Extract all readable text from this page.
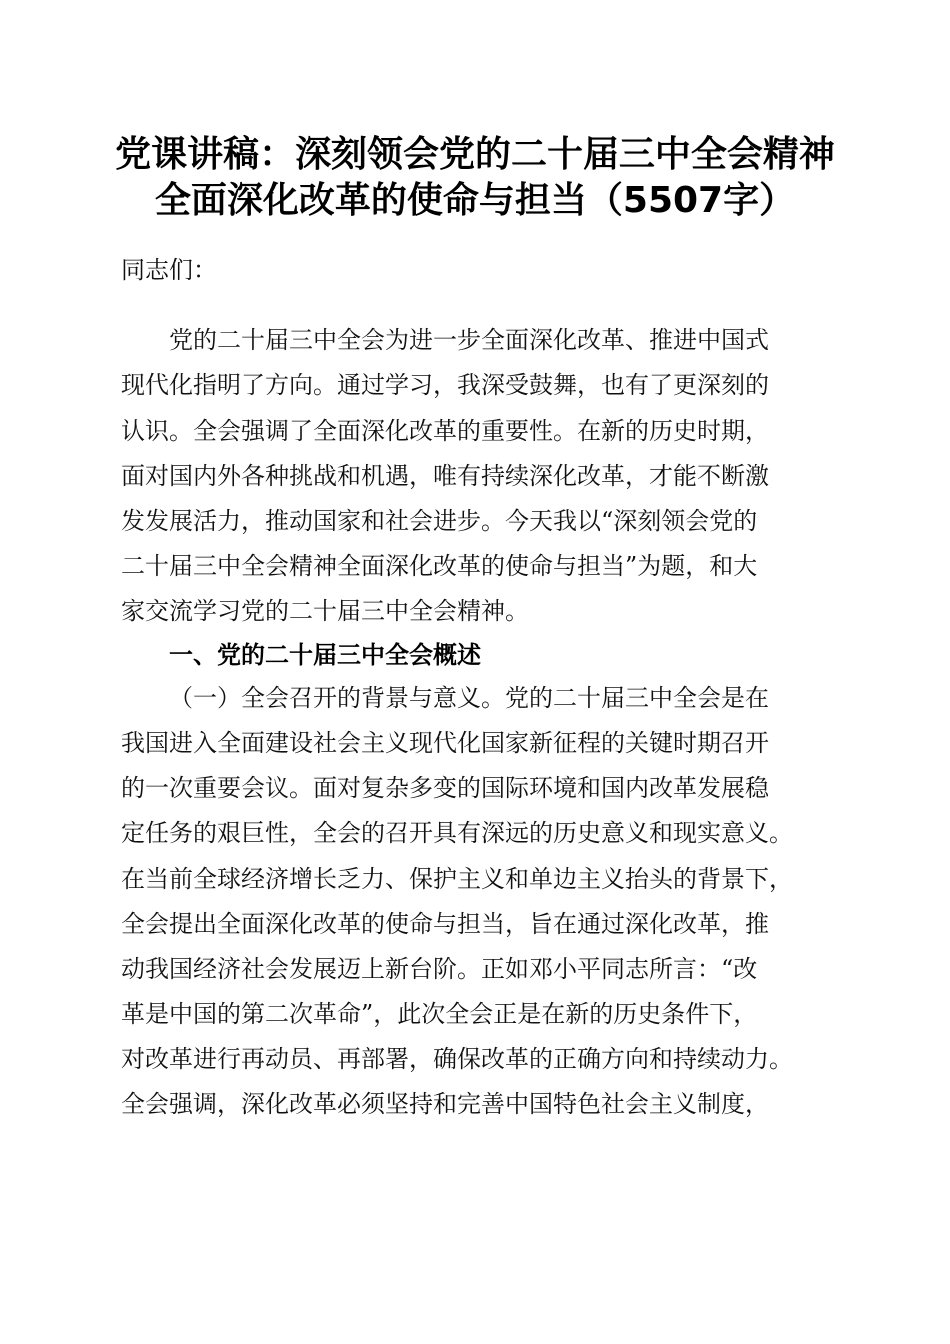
党课讲稿：深刻领会党的二十届三中全会精神
全面深化改革的使命与担当（5507字）
同志们：
党的二十届三中全会为进一步全面深化改革、推进中国式
现代化指明了方向。通过学习，我深受鼓舞，也有了更深刻的
认识。全会强调了全面深化改革的重要性。在新的历史时期，
面对国内外各种挑战和机遇，唯有持续深化改革，才能不断激
发发展活力，推动国家和社会进步。今天我以“深刻领会党的
二十届三中全会精神全面深化改革的使命与担当”为题，和大
家交流学习党的二十届三中全会精神。
一、党的二十届三中全会概述
（一）全会召开的背景与意义。党的二十届三中全会是在
我国进入全面建设社会主义现代化国家新征程的关键时期召开
的一次重要会议。面对复杂多变的国际环境和国内改革发展稳
定任务的艰巨性，全会的召开具有深远的历史意义和现实意义。
在当前全球经济增长乏力、保护主义和单边主义抬头的背景下，
全会提出全面深化改革的使命与担当，旨在通过深化改革，推
动我国经济社会发展迈上新台阶。正如邓小平同志所言：“改
革是中国的第二次革命”，此次全会正是在新的历史条件下，
对改革进行再动员、再部署，确保改革的正确方向和持续动力。
全会强调，深化改革必须坚持和完善中国特色社会主义制度，
